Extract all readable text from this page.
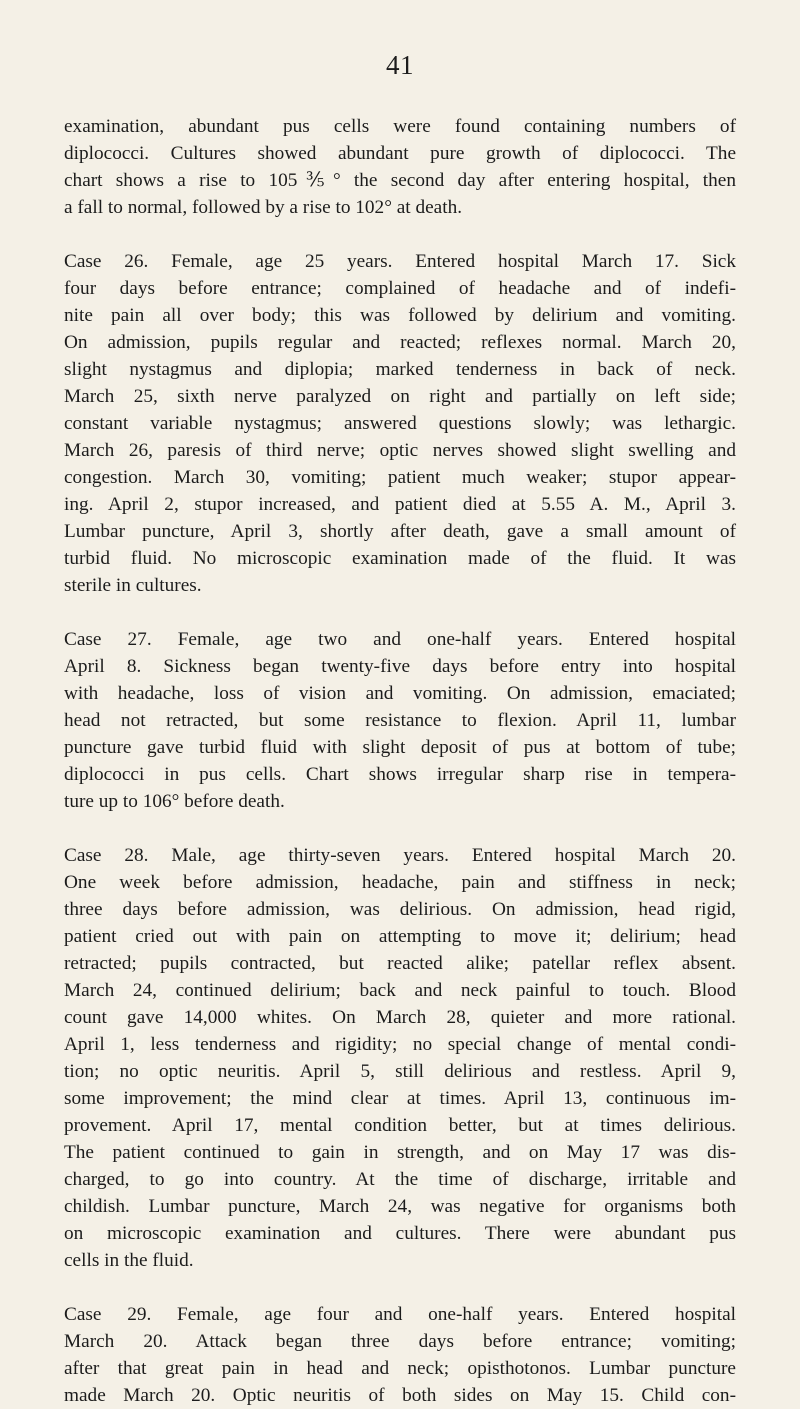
41

examination, abundant pus cells were found containing numbers of
diplococci. Cultures showed abundant pure growth of diplococci. The
chart shows a rise to 105⅗° the second day after entering hospital, then
a fall to normal, followed by a rise to 102° at death.

Case 26. Female, age 25 years. Entered hospital March 17. Sick
four days before entrance; complained of headache and of indefi-
nite pain all over body; this was followed by delirium and vomiting.
On admission, pupils regular and reacted; reflexes normal. March 20,
slight nystagmus and diplopia; marked tenderness in back of neck.
March 25, sixth nerve paralyzed on right and partially on left side;
constant variable nystagmus; answered questions slowly; was lethargic.
March 26, paresis of third nerve; optic nerves showed slight swelling and
congestion. March 30, vomiting; patient much weaker; stupor appear-
ing. April 2, stupor increased, and patient died at 5.55 A. M., April 3.
Lumbar puncture, April 3, shortly after death, gave a small amount of
turbid fluid. No microscopic examination made of the fluid. It was
sterile in cultures.

Case 27. Female, age two and one-half years. Entered hospital
April 8. Sickness began twenty-five days before entry into hospital
with headache, loss of vision and vomiting. On admission, emaciated;
head not retracted, but some resistance to flexion. April 11, lumbar
puncture gave turbid fluid with slight deposit of pus at bottom of tube;
diplococci in pus cells. Chart shows irregular sharp rise in tempera-
ture up to 106° before death.

Case 28. Male, age thirty-seven years. Entered hospital March 20.
One week before admission, headache, pain and stiffness in neck;
three days before admission, was delirious. On admission, head rigid,
patient cried out with pain on attempting to move it; delirium; head
retracted; pupils contracted, but reacted alike; patellar reflex absent.
March 24, continued delirium; back and neck painful to touch. Blood
count gave 14,000 whites. On March 28, quieter and more rational.
April 1, less tenderness and rigidity; no special change of mental condi-
tion; no optic neuritis. April 5, still delirious and restless. April 9,
some improvement; the mind clear at times. April 13, continuous im-
provement. April 17, mental condition better, but at times delirious.
The patient continued to gain in strength, and on May 17 was dis-
charged, to go into country. At the time of discharge, irritable and
childish. Lumbar puncture, March 24, was negative for organisms both
on microscopic examination and cultures. There were abundant pus
cells in the fluid.

Case 29. Female, age four and one-half years. Entered hospital
March 20. Attack began three days before entrance; vomiting;
after that great pain in head and neck; opisthotonos. Lumbar puncture
made March 20. Optic neuritis of both sides on May 15. Child con-
